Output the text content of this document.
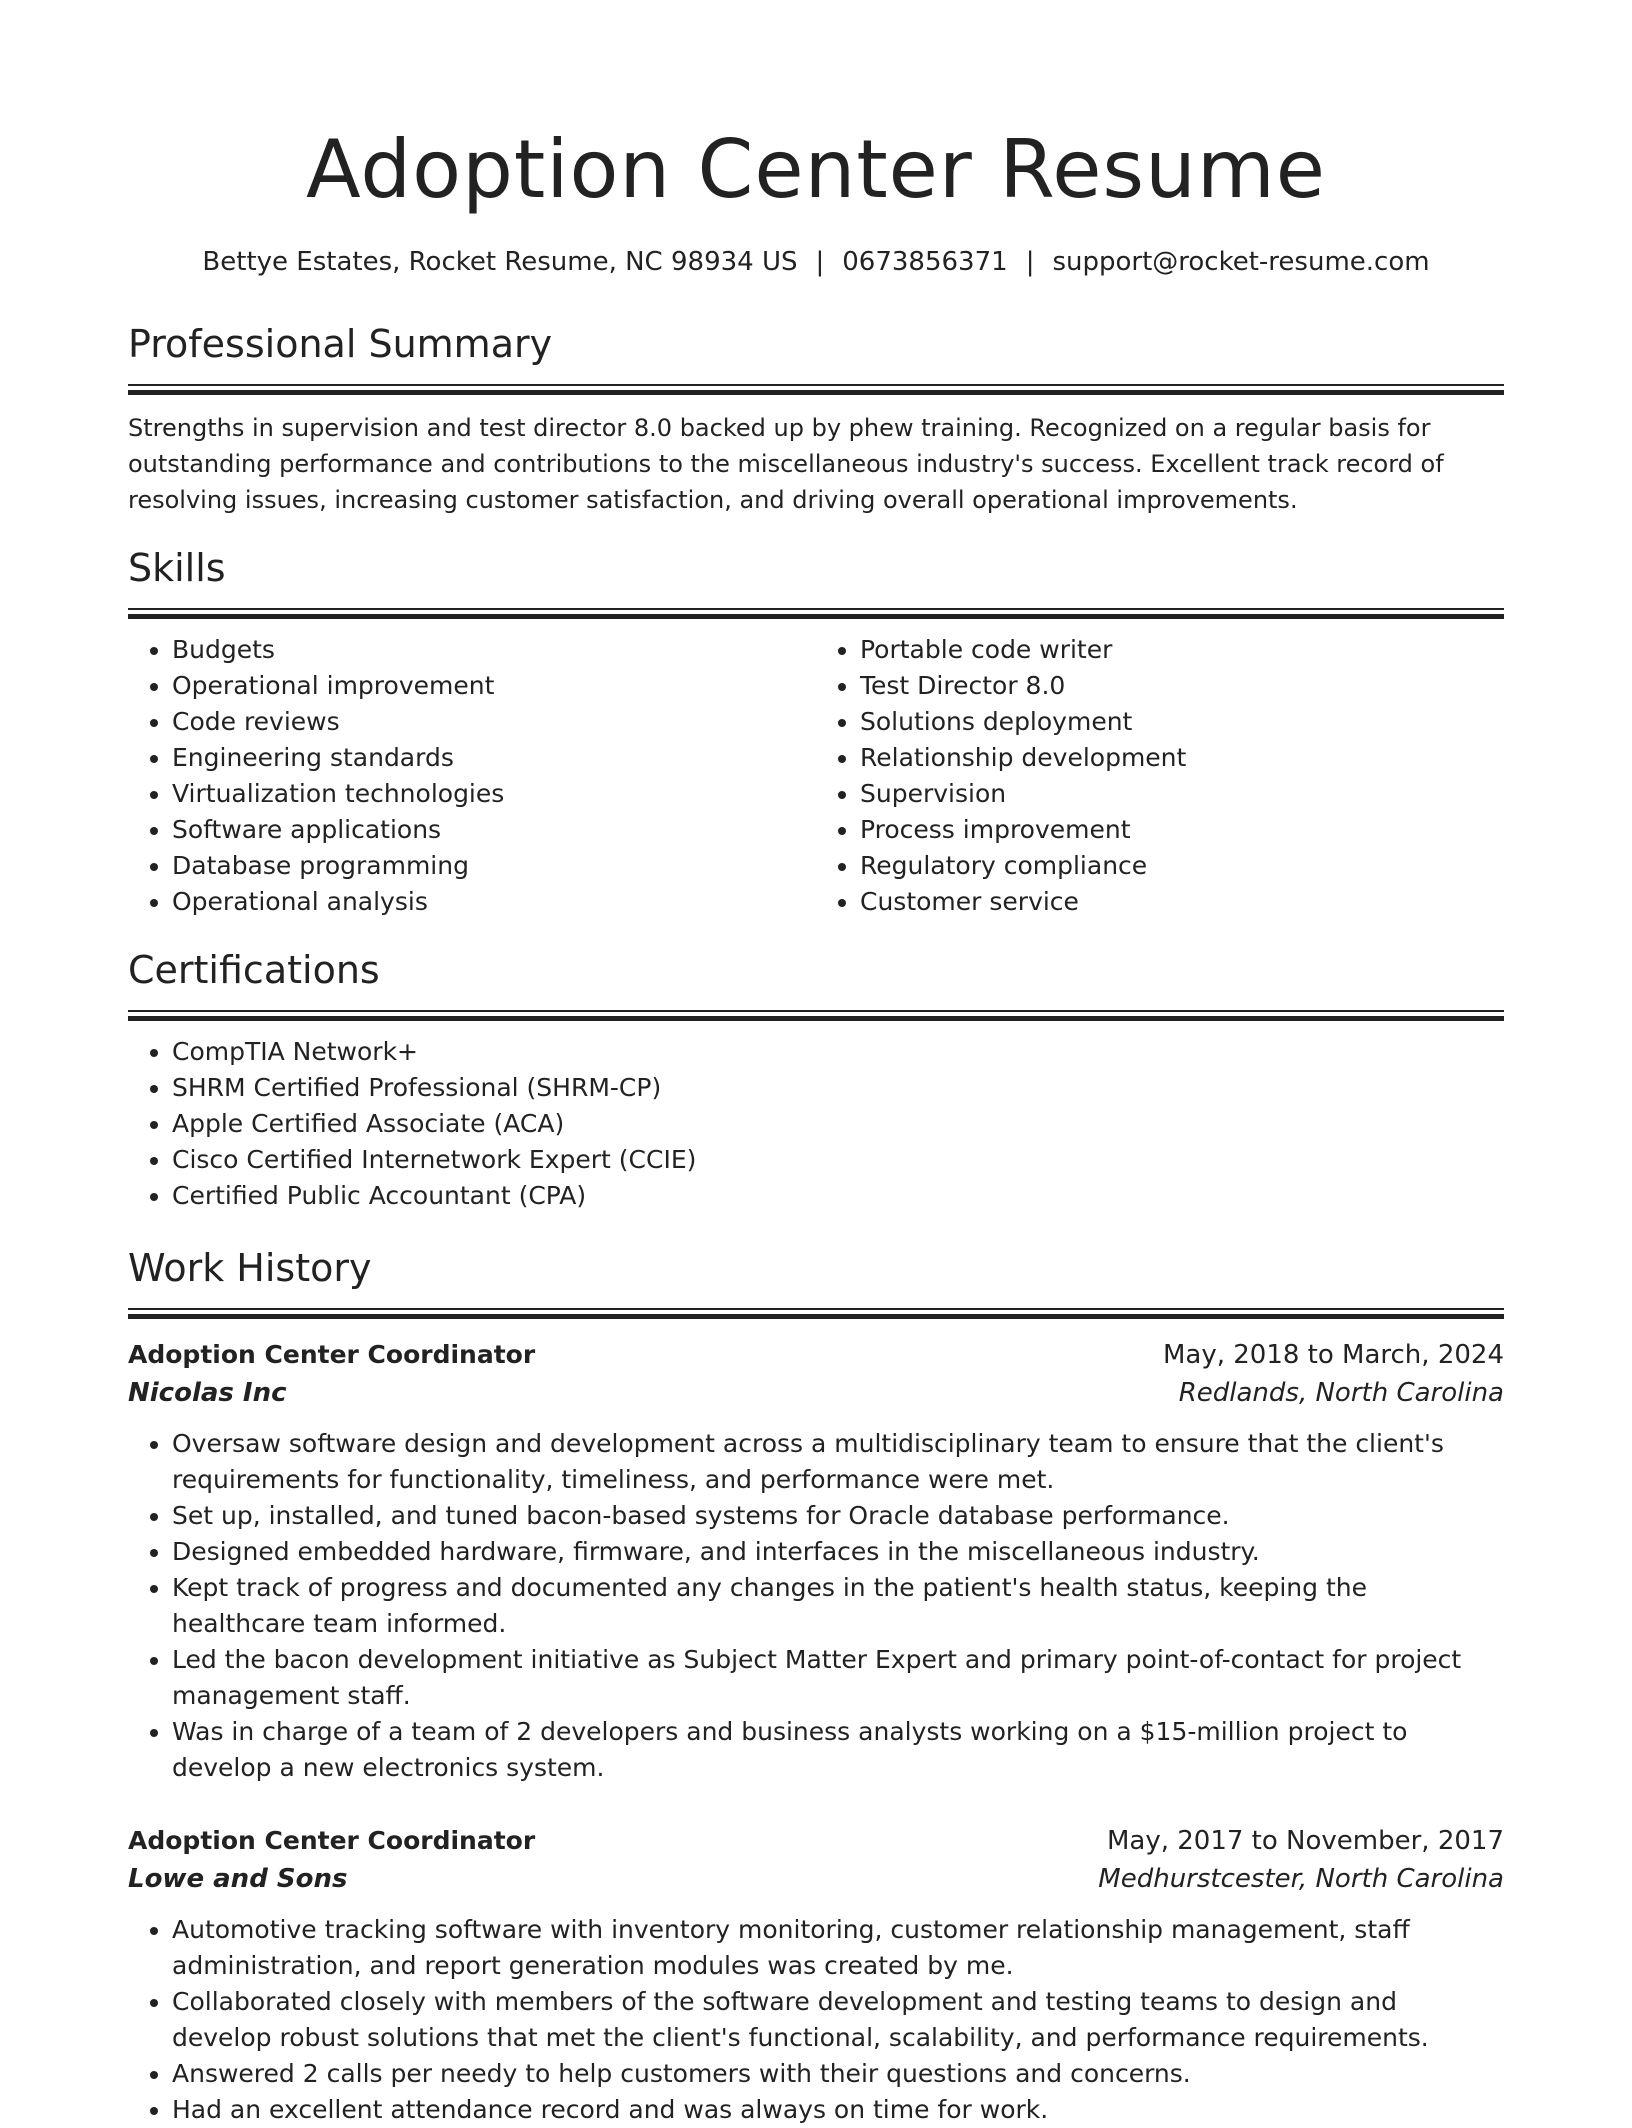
Adoption Center Resume
Bettye Estates, Rocket Resume, NC 98934 US | 0673856371 | support@rocket-resume.com
Professional Summary
Strengths in supervision and test director 8.0 backed up by phew training. Recognized on a regular basis for outstanding performance and contributions to the miscellaneous industry's success. Excellent track record of resolving issues, increasing customer satisfaction, and driving overall operational improvements.
Skills
• Budgets
• Operational improvement
• Code reviews
• Engineering standards
• Virtualization technologies
• Software applications
• Database programming
• Operational analysis
• Portable code writer
• Test Director 8.0
• Solutions deployment
• Relationship development
• Supervision
• Process improvement
• Regulatory compliance
• Customer service
Certifications
• CompTIA Network+
• SHRM Certified Professional (SHRM-CP)
• Apple Certified Associate (ACA)
• Cisco Certified Internetwork Expert (CCIE)
• Certified Public Accountant (CPA)
Work History
Adoption Center Coordinator	May, 2018 to March, 2024
Nicolas Inc	Redlands, North Carolina
• Oversaw software design and development across a multidisciplinary team to ensure that the client's requirements for functionality, timeliness, and performance were met.
• Set up, installed, and tuned bacon-based systems for Oracle database performance.
• Designed embedded hardware, firmware, and interfaces in the miscellaneous industry.
• Kept track of progress and documented any changes in the patient's health status, keeping the healthcare team informed.
• Led the bacon development initiative as Subject Matter Expert and primary point-of-contact for project management staff.
• Was in charge of a team of 2 developers and business analysts working on a $15-million project to develop a new electronics system.
Adoption Center Coordinator	May, 2017 to November, 2017
Lowe and Sons	Medhurstcester, North Carolina
• Automotive tracking software with inventory monitoring, customer relationship management, staff administration, and report generation modules was created by me.
• Collaborated closely with members of the software development and testing teams to design and develop robust solutions that met the client's functional, scalability, and performance requirements.
• Answered 2 calls per needy to help customers with their questions and concerns.
• Had an excellent attendance record and was always on time for work.
